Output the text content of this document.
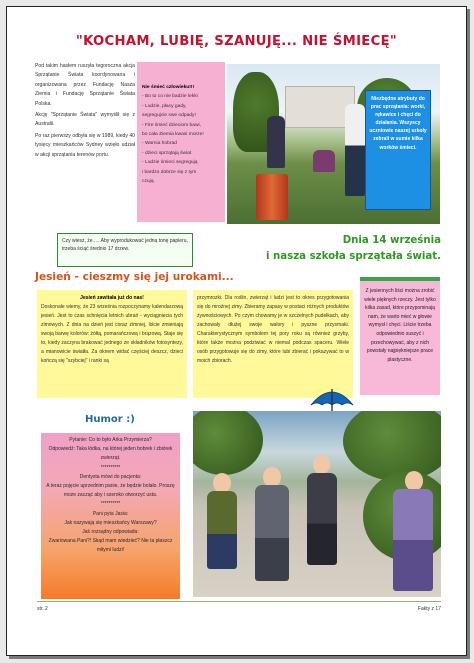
"KOCHAM, LUBIĘ, SZANUJĘ... NIE ŚMIECĘ"

Pod takim hasłem ruszyła tegoroczna akcja Sprzątanie Świata koordynowana i organizowana przez Fundację Nasza Ziemia i Fundację Sprzątanie Świata Polska.

Akcję "Sprzątanie Świata" wymyślił się z Australii.

Po raz pierwszy odbyła się w 1989, kiedy 40 tysięcy mieszkańców Sydney wzięło udział w akcji sprzątania terenów portu.

Nie śmieć człowieku!!!
- Bo to co nie badzie lekki
- Ludzie, płacy gady,
segregujcie swe odpady!
- Fire śmieć dzieciom bawi,
bo cała Ziemia kwasi morze!
- Warnia hobrad
- dzieci sprzątają świat
- Ludzie śmieci segregują
i bardzo dobrze się z tym
czują.
Niezbędne atrybuty do prac sprzątania: worki, rękawice i chęci do działania. Wszyscy uczniowie naszej szkoły zebrali w sumie kilka worków śmieci.
Czy wiesz, że..... Aby wyprodukować jedną tonę papieru, trzeba ściąć średnio 17 drzew.
Dnia 14 września
i nasza szkoła sprzątała świat.
Jesień - cieszmy się jej urokami...
Jesień zawitała już do nas!
Doskonale wiemy, że 23 września rozpoczynamy kalendarzową jesień. Jest to czas schnięcia letnich ubrań - wyciągniecia tych zimowych. Z dnia na dzień jest coraz zimniej, liście zmieniają swoją barwę kolorów: żółtą, pomarańczową i brązową. Staje się to, kiedy zaczyna brakować jednego ze składników fotosyntezy, a mianowicie światła. Za oknem widać częściej deszcz, dzieci kończą się "szybciej" i ranki są
przymrozki. Dla roślin, zwierząt i ludzi jest to okres przygotowania się do mroźnej zimy. Zbieramy zapasy w postaci różnych produktów żywnościowych. Po czym chowamy je w szczelnych pudełkach, aby zachowały dłużej swoje walory i pyszne przysmaki. Charakterystycznym symbolem tej pory roku są również grzyby, które także można podziwiać w niemal podczas spaceru. Wiele osób przygotowuje się do zimy, które lubi zbierać i pokazywać to w moich zbiorach.
Z jesiennych liści można zrobić wiele pięknych rzeczy. Jest tylko kilka zasad, które przypominają nam, że warto mieć w głowie wymysł i chęci. Liście trzeba odpowiednio suszyć i przechowywać, aby z nich powstały najpiękniejsze prace plastyczne.
Humor :)
Pytanie: Co to było Arka Przymierza?
Odpowiedź: Taka łódka, na której jeden bobrek i zbiórek zwierząt.
**********
Dentysta mówi do pacjenta:
A teraz pojęcie uprzednim panie, że będzie bolało. Proszę może zacząć aby i szeroko otworzyć usta.
**********
Pani pyta Jasia:
Jak nazywają się mieszkańcy Warszawy?
Jaś rozsądny odpowiada:
Zwariowana Pani?! Skąd mam wiedzieć? Nie ta płaszcz miłymi ludzi!
str. 2	Fakty z 17
